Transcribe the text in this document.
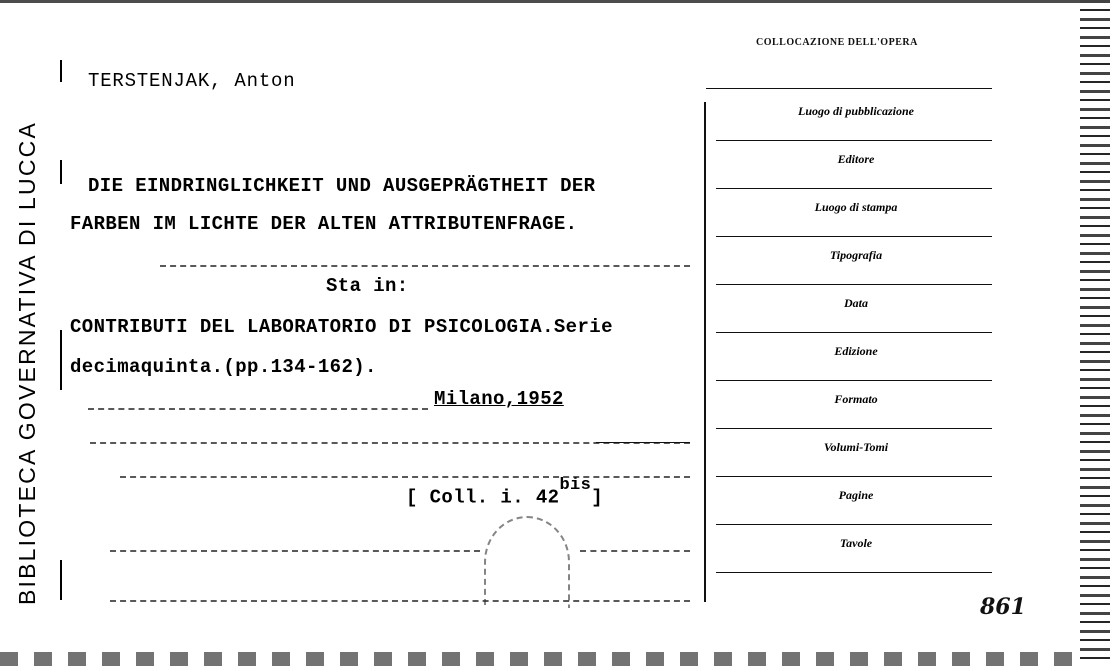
BIBLIOTECA GOVERNATIVA DI LUCCA
TERSTENJAK, Anton
DIE EINDRINGLICHKEIT UND AUSGEPRÄGTHEIT DER
FARBEN IM LICHTE DER ALTEN ATTRIBUTENFRAGE.
Sta in:
CONTRIBUTI DEL LABORATORIO DI PSICOLOGIA.Serie
decimaquinta.(pp.134-162).
Milano,1952
[ Coll. i. $42^{bis}$]
COLLOCAZIONE DELL'OPERA
Luogo di pubblicazione
Editore
Luogo di stampa
Tipografia
Data
Edizione
Formato
Volumi-Tomi
Pagine
Tavole
861
